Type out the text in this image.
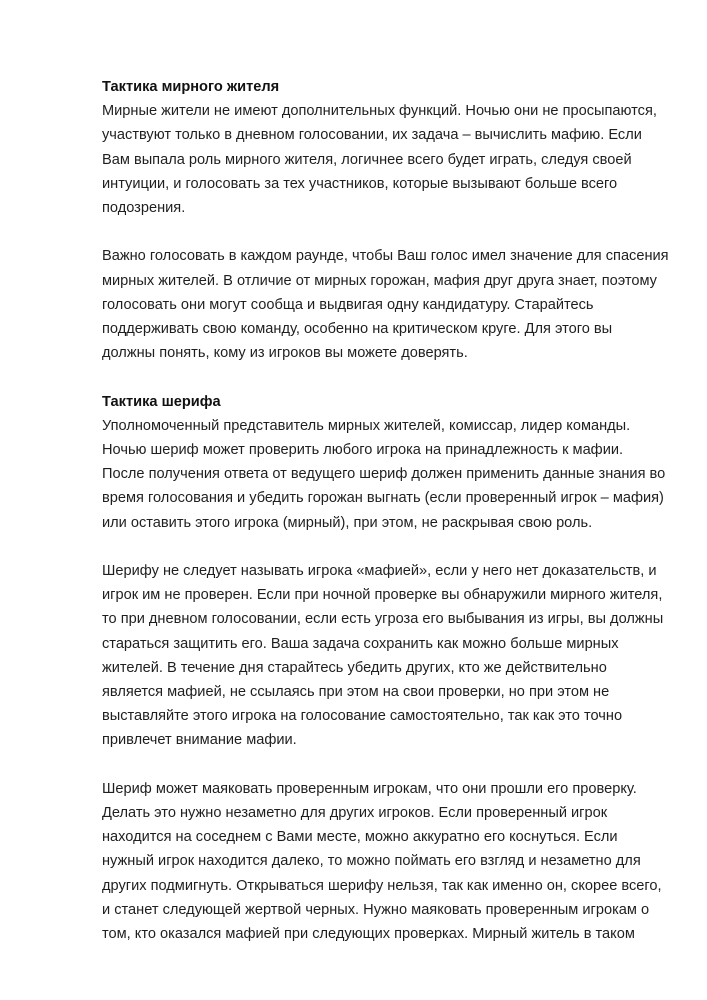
Тактика мирного жителя

Мирные жители не имеют дополнительных функций. Ночью они не просыпаются,
участвуют только в дневном голосовании, их задача – вычислить мафию. Если
Вам выпала роль мирного жителя, логичнее всего будет играть, следуя своей
интуиции, и голосовать за тех участников, которые вызывают больше всего
подозрения.

Важно голосовать в каждом раунде, чтобы Ваш голос имел значение для спасения
мирных жителей. В отличие от мирных горожан, мафия друг друга знает, поэтому
голосовать они могут сообща и выдвигая одну кандидатуру. Старайтесь
поддерживать свою команду, особенно на критическом круге. Для этого вы
должны понять, кому из игроков вы можете доверять.

Тактика шерифа

Уполномоченный представитель мирных жителей, комиссар, лидер команды.
Ночью шериф может проверить любого игрока на принадлежность к мафии.
После получения ответа от ведущего шериф должен применить данные знания во
время голосования и убедить горожан выгнать (если проверенный игрок – мафия)
или оставить этого игрока (мирный), при этом, не раскрывая свою роль.

Шерифу не следует называть игрока «мафией», если у него нет доказательств, и
игрок им не проверен. Если при ночной проверке вы обнаружили мирного жителя,
то при дневном голосовании, если есть угроза его выбывания из игры, вы должны
стараться защитить его. Ваша задача сохранить как можно больше мирных
жителей. В течение дня старайтесь убедить других, кто же действительно
является мафией, не ссылаясь при этом на свои проверки, но при этом не
выставляйте этого игрока на голосование самостоятельно, так как это точно
привлечет внимание мафии.

Шериф может маяковать проверенным игрокам, что они прошли его проверку.
Делать это нужно незаметно для других игроков. Если проверенный игрок
находится на соседнем с Вами месте, можно аккуратно его коснуться. Если
нужный игрок находится далеко, то можно поймать его взгляд и незаметно для
других подмигнуть. Открываться шерифу нельзя, так как именно он, скорее всего,
и станет следующей жертвой черных. Нужно маяковать проверенным игрокам о
том, кто оказался мафией при следующих проверках. Мирный житель в таком
